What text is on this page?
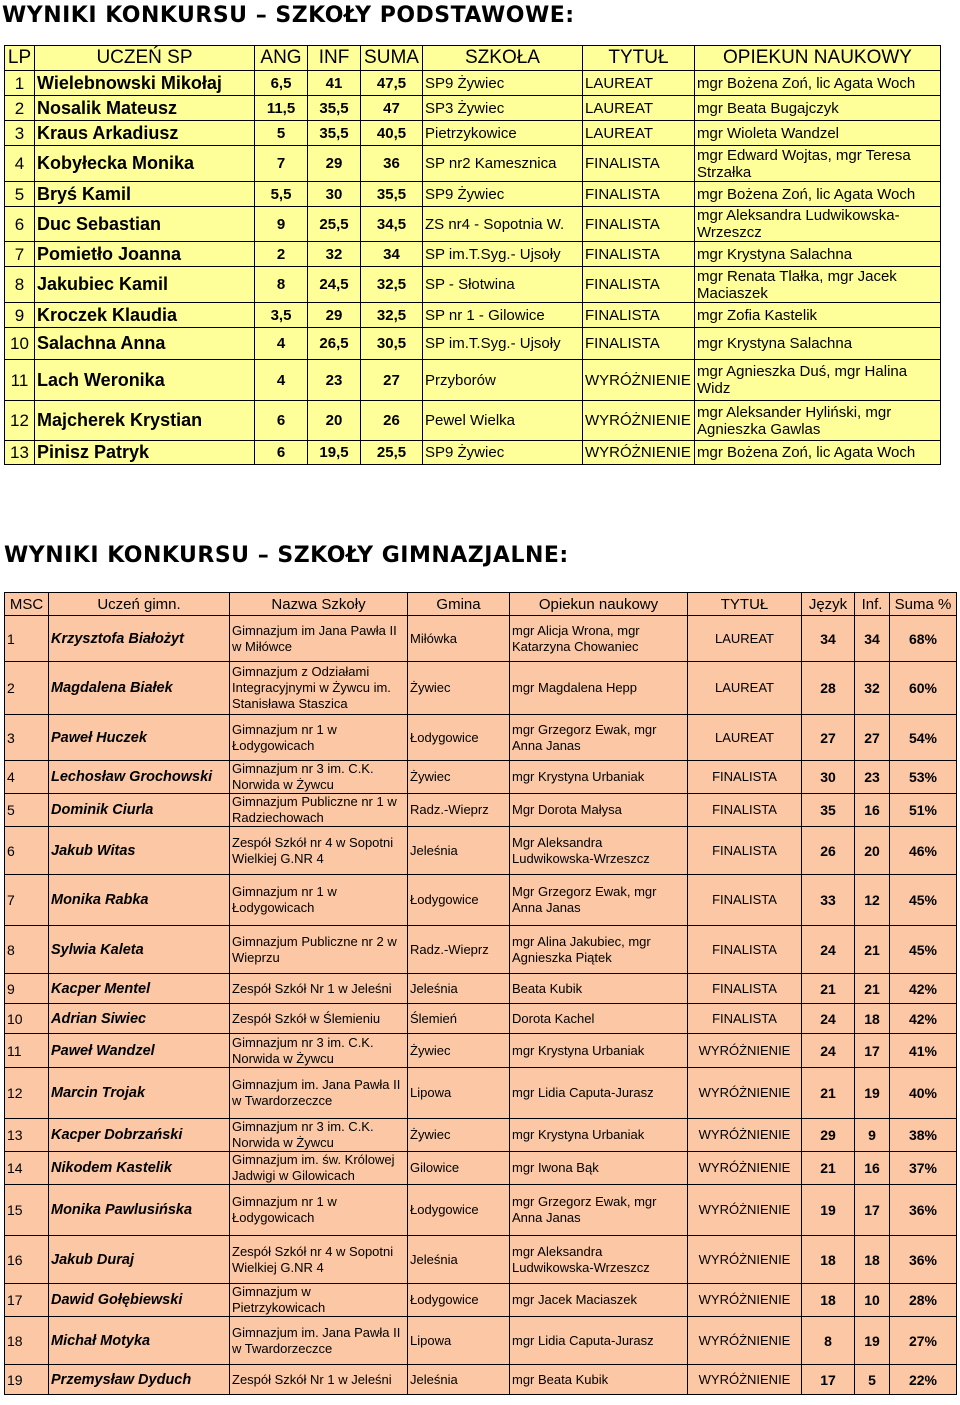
WYNIKI KONKURSU – SZKOŁY PODSTAWOWE:
LP	UCZEŃ SP	ANG	INF	SUMA	SZKOŁA	TYTUŁ	OPIEKUN NAUKOWY
1	Wielebnowski Mikołaj	6,5	41	47,5	SP9 Żywiec	LAUREAT	mgr Bożena Zoń, lic Agata Woch
2	Nosalik Mateusz	11,5	35,5	47	SP3 Żywiec	LAUREAT	mgr Beata Bugajczyk
3	Kraus Arkadiusz	5	35,5	40,5	Pietrzykowice	LAUREAT	mgr Wioleta Wandzel
4	Kobyłecka Monika	7	29	36	SP nr2 Kamesznica	FINALISTA	mgr Edward Wojtas, mgr Teresa Strzałka
5	Bryś Kamil	5,5	30	35,5	SP9 Żywiec	FINALISTA	mgr Bożena Zoń, lic Agata Woch
6	Duc Sebastian	9	25,5	34,5	ZS nr4 - Sopotnia W.	FINALISTA	mgr Aleksandra Ludwikowska-Wrzeszcz
7	Pomietło Joanna	2	32	34	SP im.T.Syg.- Ujsoły	FINALISTA	mgr Krystyna Salachna
8	Jakubiec Kamil	8	24,5	32,5	SP - Słotwina	FINALISTA	mgr Renata Tlałka, mgr Jacek Maciaszek
9	Kroczek Klaudia	3,5	29	32,5	SP nr 1 - Gilowice	FINALISTA	mgr Zofia Kastelik
10	Salachna Anna	4	26,5	30,5	SP im.T.Syg.- Ujsoły	FINALISTA	mgr Krystyna Salachna
11	Lach Weronika	4	23	27	Przyborów	WYRÓŻNIENIE	mgr Agnieszka Duś, mgr Halina Widz
12	Majcherek Krystian	6	20	26	Pewel Wielka	WYRÓŻNIENIE	mgr Aleksander Hyliński, mgr Agnieszka Gawlas
13	Pinisz Patryk	6	19,5	25,5	SP9 Żywiec	WYRÓŻNIENIE	mgr Bożena Zoń, lic Agata Woch
WYNIKI KONKURSU – SZKOŁY GIMNAZJALNE:
MSC	Uczeń gimn.	Nazwa Szkoły	Gmina	Opiekun naukowy	TYTUŁ	Język	Inf.	Suma %
1	Krzysztofa Białożyt	Gimnazjum im Jana Pawła II w Miłówce	Miłówka	mgr Alicja Wrona, mgr Katarzyna Chowaniec	LAUREAT	34	34	68%
2	Magdalena Białek	Gimnazjum z Odziałami Integracyjnymi w Żywcu im. Stanisława Staszica	Żywiec	mgr Magdalena Hepp	LAUREAT	28	32	60%
3	Paweł Huczek	Gimnazjum nr 1 w Łodygowicach	Łodygowice	mgr Grzegorz Ewak, mgr Anna Janas	LAUREAT	27	27	54%
4	Lechosław Grochowski	Gimnazjum nr 3 im. C.K. Norwida w Żywcu	Żywiec	mgr Krystyna Urbaniak	FINALISTA	30	23	53%
5	Dominik Ciurla	Gimnazjum Publiczne nr 1 w Radziechowach	Radz.-Wieprz	Mgr Dorota Małysa	FINALISTA	35	16	51%
6	Jakub Witas	Zespół Szkół nr 4 w Sopotni Wielkiej G.NR 4	Jeleśnia	Mgr Aleksandra Ludwikowska-Wrzeszcz	FINALISTA	26	20	46%
7	Monika Rabka	Gimnazjum nr 1 w Łodygowicach	Łodygowice	Mgr Grzegorz Ewak, mgr Anna Janas	FINALISTA	33	12	45%
8	Sylwia Kaleta	Gimnazjum Publiczne nr 2 w Wieprzu	Radz.-Wieprz	mgr Alina Jakubiec, mgr Agnieszka Piątek	FINALISTA	24	21	45%
9	Kacper Mentel	Zespół Szkół Nr 1 w Jeleśni	Jeleśnia	Beata Kubik	FINALISTA	21	21	42%
10	Adrian Siwiec	Zespół Szkół w Ślemieniu	Ślemień	Dorota Kachel	FINALISTA	24	18	42%
11	Paweł Wandzel	Gimnazjum nr 3 im. C.K. Norwida w Żywcu	Żywiec	mgr Krystyna Urbaniak	WYRÓŻNIENIE	24	17	41%
12	Marcin Trojak	Gimnazjum im. Jana Pawła II w Twardorzeczce	Lipowa	mgr Lidia Caputa-Jurasz	WYRÓŻNIENIE	21	19	40%
13	Kacper Dobrzański	Gimnazjum nr 3 im. C.K. Norwida w Żywcu	Żywiec	mgr Krystyna Urbaniak	WYRÓŻNIENIE	29	9	38%
14	Nikodem Kastelik	Gimnazjum im. św. Królowej Jadwigi w Gilowicach	Gilowice	mgr Iwona Bąk	WYRÓŻNIENIE	21	16	37%
15	Monika Pawlusińska	Gimnazjum nr 1 w Łodygowicach	Łodygowice	mgr Grzegorz Ewak, mgr Anna Janas	WYRÓŻNIENIE	19	17	36%
16	Jakub Duraj	Zespół Szkół nr 4 w Sopotni Wielkiej G.NR 4	Jeleśnia	mgr Aleksandra Ludwikowska-Wrzeszcz	WYRÓŻNIENIE	18	18	36%
17	Dawid Gołębiewski	Gimnazjum w Pietrzykowicach	Łodygowice	mgr Jacek Maciaszek	WYRÓŻNIENIE	18	10	28%
18	Michał Motyka	Gimnazjum im. Jana Pawła II w Twardorzeczce	Lipowa	mgr Lidia Caputa-Jurasz	WYRÓŻNIENIE	8	19	27%
19	Przemysław Dyduch	Zespół Szkół Nr 1 w Jeleśni	Jeleśnia	mgr Beata Kubik	WYRÓŻNIENIE	17	5	22%
